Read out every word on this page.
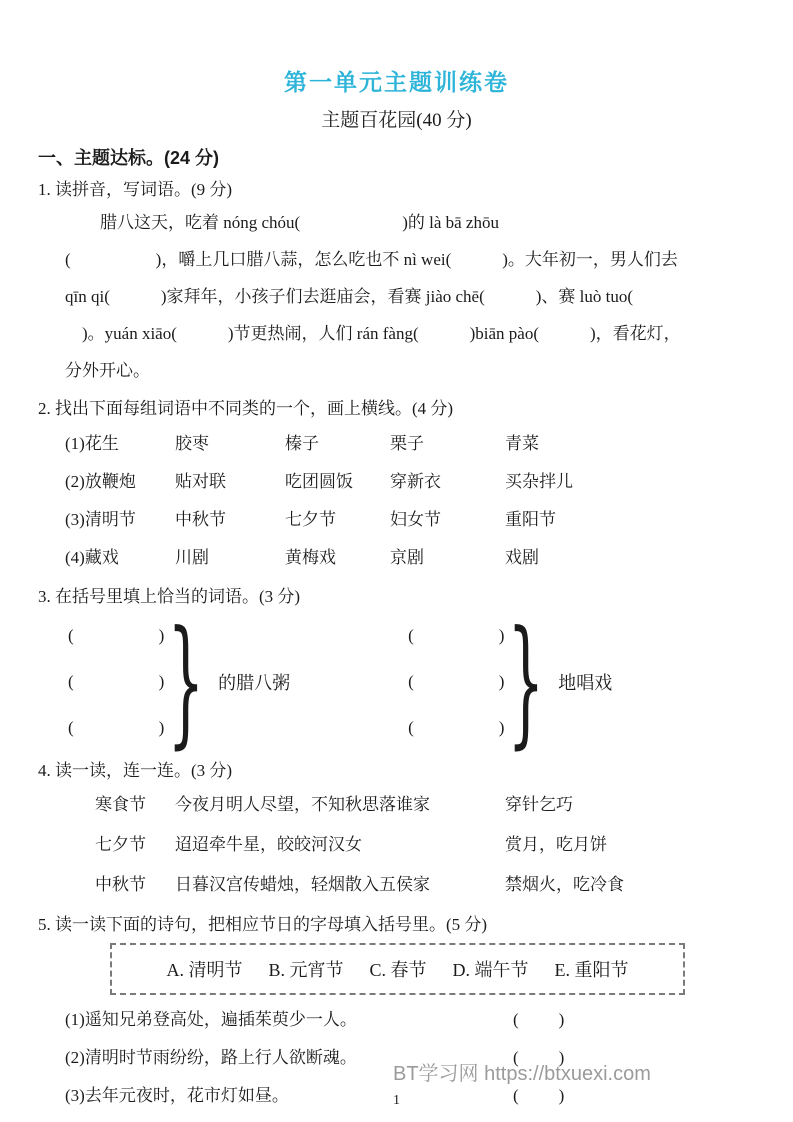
第一单元主题训练卷
主题百花园(40 分)
一、主题达标。(24 分)
1. 读拼音，写词语。(9 分)
腊八这天，吃着 nóng chóu(　　　　　　)的 là bā zhōu
(　　　　　)，嚼上几口腊八蒜，怎么吃也不 nì wei(　　　)。大年初一，男人们去
qīn qi(　　　)家拜年，小孩子们去逛庙会，看赛 jiào chē(　　　)、赛 luò tuo(
　)。yuán xiāo(　　　)节更热闹，人们 rán fàng(　　　)biān pào(　　　)，看花灯，
分外开心。
2. 找出下面每组词语中不同类的一个，画上横线。(4 分)
(1)花生	胶枣	榛子	栗子	青菜
(2)放鞭炮	贴对联	吃团圆饭	穿新衣	买杂拌儿
(3)清明节	中秋节	七夕节	妇女节	重阳节
(4)藏戏	川剧	黄梅戏	京剧	戏剧
3. 在括号里填上恰当的词语。(3 分)
(　　　　　)
(　　　　　)
(　　　　　) } 的腊八粥
(　　　　　)
(　　　　　)
(　　　　　) } 地唱戏
4. 读一读，连一连。(3 分)
寒食节	今夜月明人尽望，不知秋思落谁家	穿针乞巧
七夕节	迢迢牵牛星，皎皎河汉女	赏月，吃月饼
中秋节	日暮汉宫传蜡烛，轻烟散入五侯家	禁烟火，吃冷食
5. 读一读下面的诗句，把相应节日的字母填入括号里。(5 分)
A. 清明节 B. 元宵节 C. 春节 D. 端午节 E. 重阳节
(1)遥知兄弟登高处，遍插茱萸少一人。	(　　)
(2)清明时节雨纷纷，路上行人欲断魂。	(　　)
(3)去年元夜时，花市灯如昼。	(　　)
BT学习网 https://btxuexi.com
1
